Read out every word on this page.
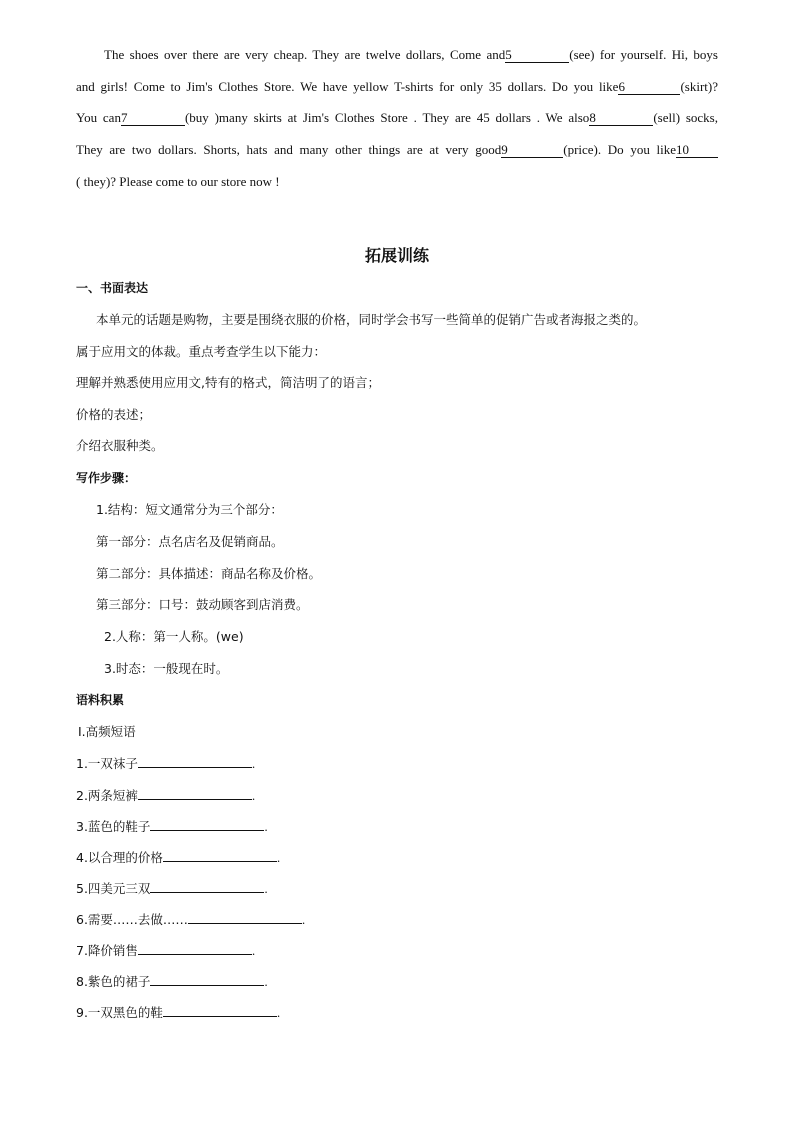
The shoes over there are very cheap. They are twelve dollars, Come and5	(see) for yourself. Hi, boys
and girls! Come to Jim's Clothes Store. We have yellow T-shirts for only 35 dollars. Do you like6	(skirt)?
You can7	(buy )many skirts at Jim's Clothes Store . They are 45 dollars . We also8	(sell) socks,
They are two dollars. Shorts, hats and many other things are at very good9	(price). Do you like10
( they)? Please come to our store now !
拓展训练
一、书面表达
本单元的话题是购物，主要是围绕衣服的价格，同时学会书写一些简单的促销广告或者海报之类的。
属于应用文的体裁。重点考查学生以下能力：
理解并熟悉使用应用文,特有的格式，简洁明了的语言；
价格的表述；
介绍衣服种类。
写作步骤：
1.结构：短文通常分为三个部分：
第一部分：点名店名及促销商品。
第二部分：具体描述：商品名称及价格。
第三部分：口号：鼓动顾客到店消费。
2.人称：第一人称。(we)
3.时态：一般现在时。
语料积累
Ⅰ.高频短语
1.一双袜子	.
2.两条短裤	.
3.蓝色的鞋子	.
4.以合理的价格	.
5.四美元三双	.
6.需要……去做……	.
7.降价销售	.
8.紫色的裙子	.
9.一双黑色的鞋	.
